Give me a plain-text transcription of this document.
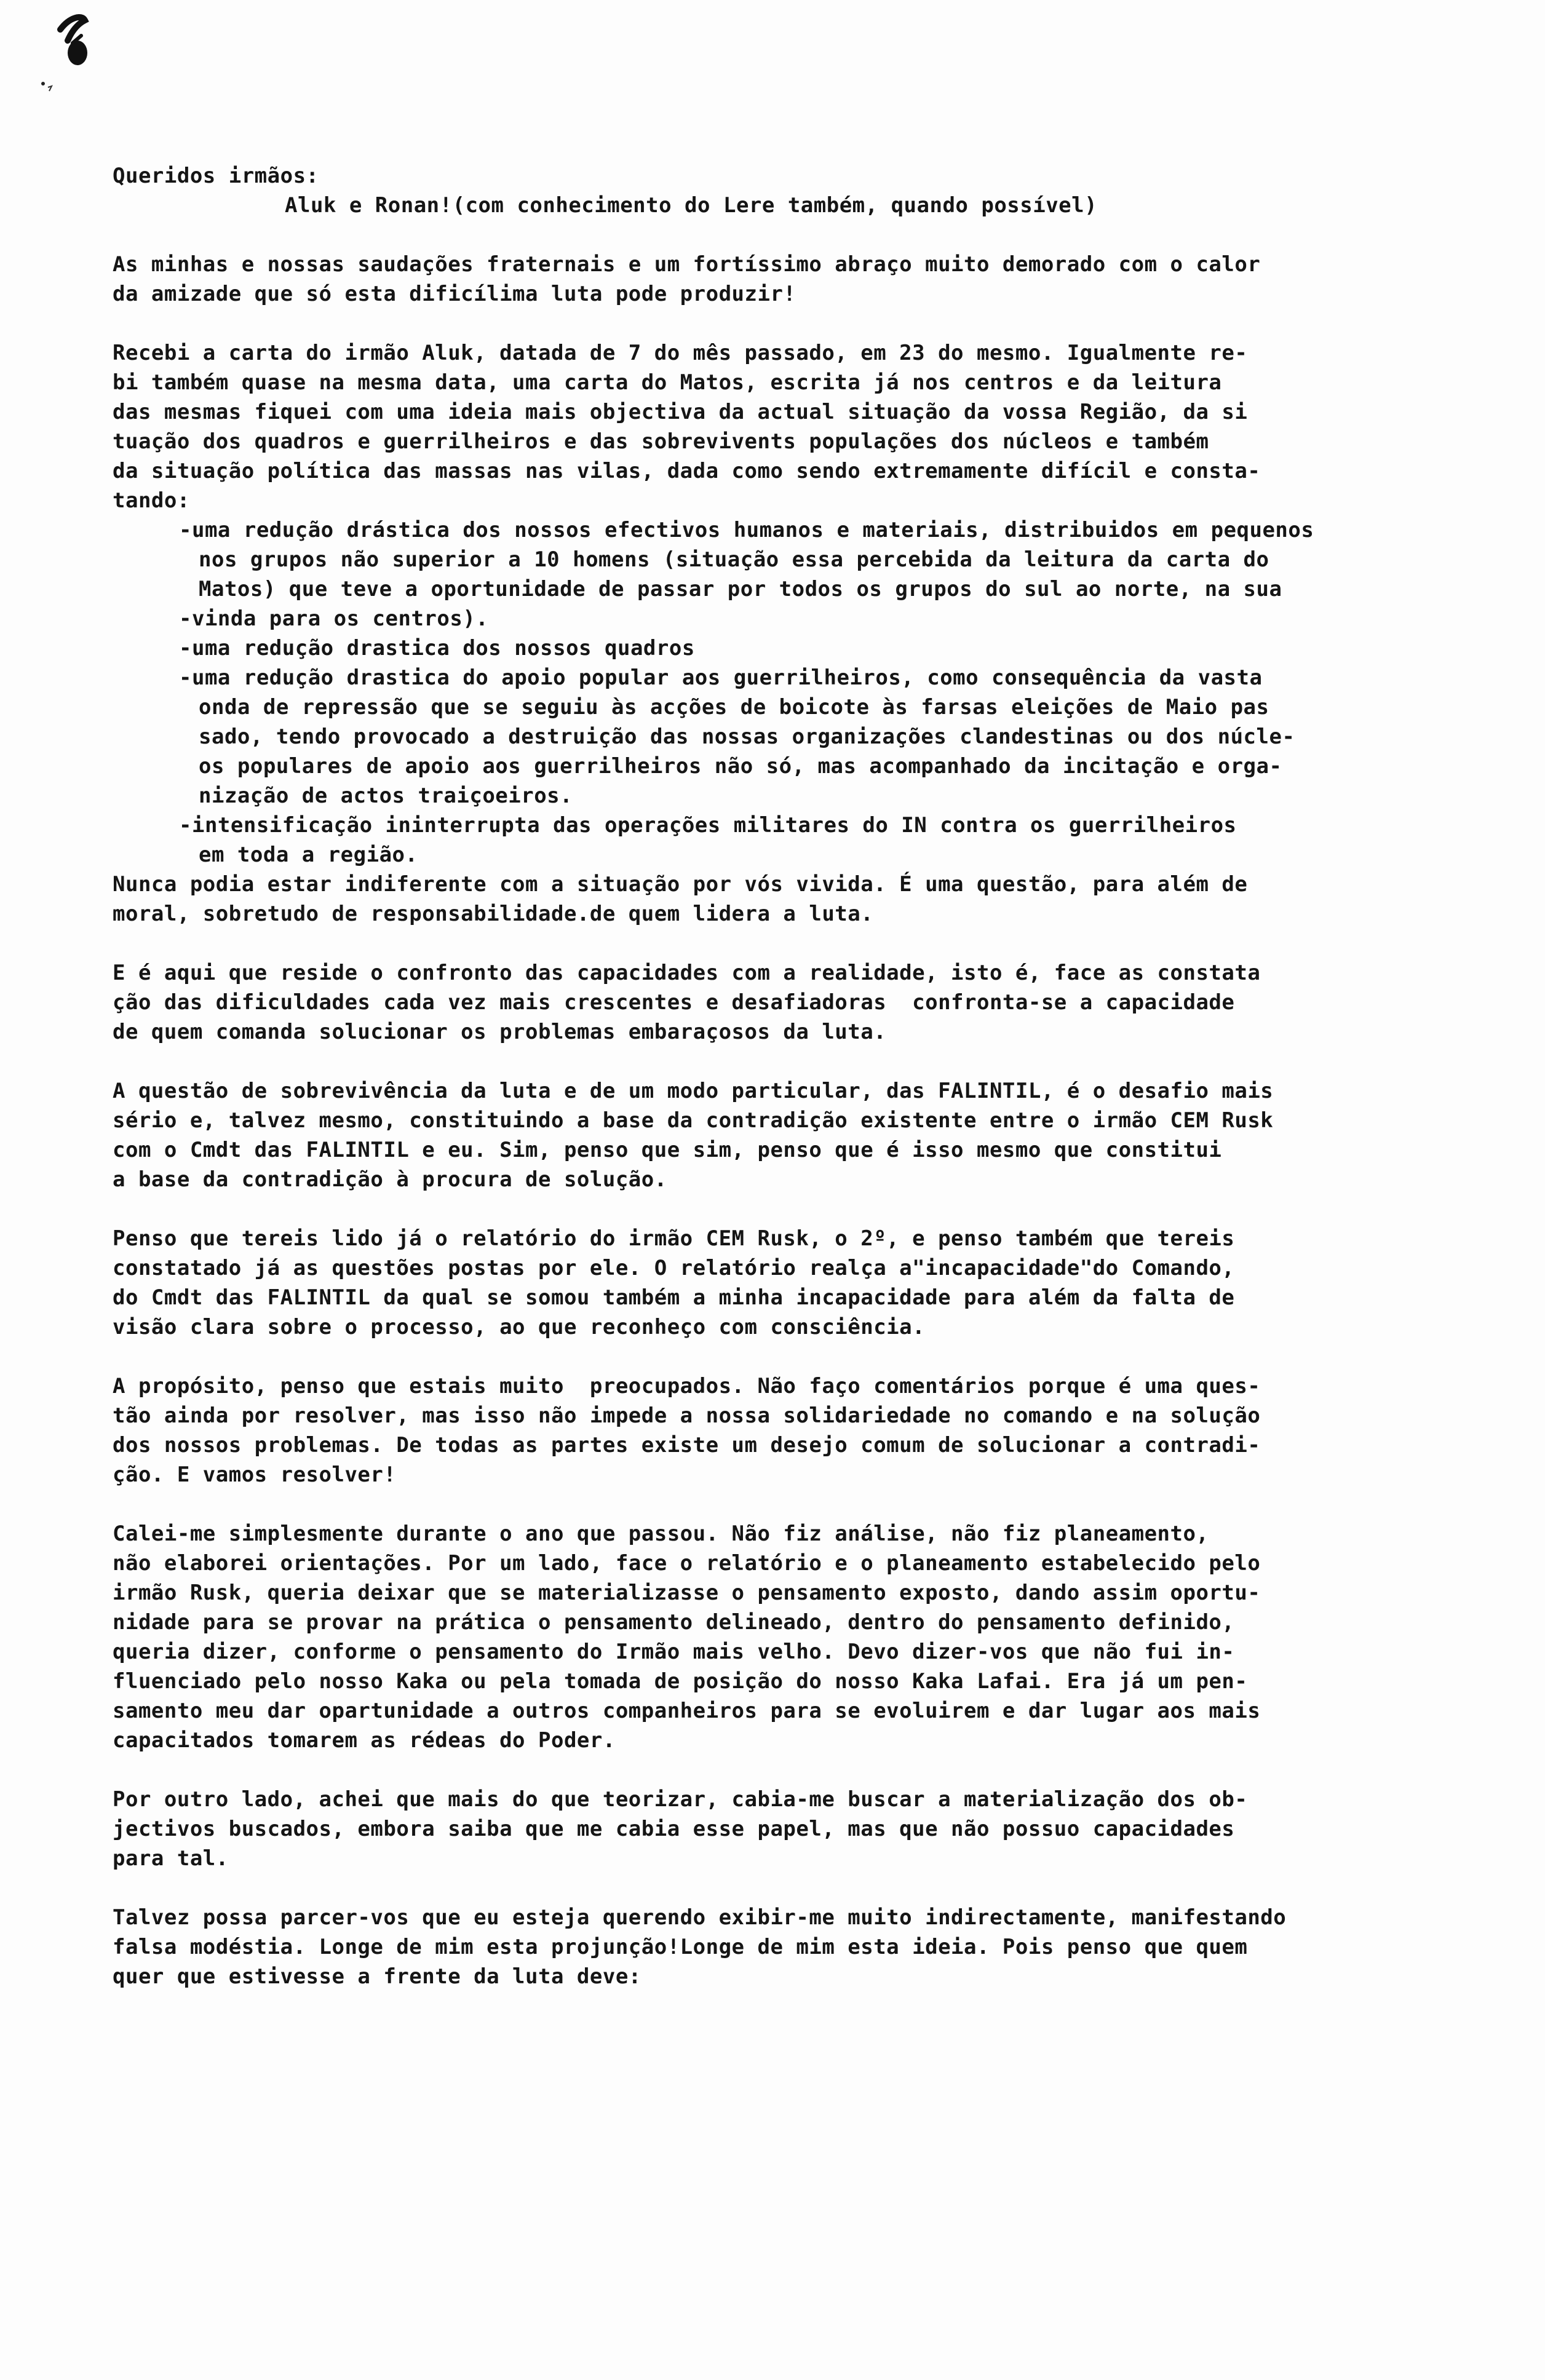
Queridos irmãos:

Aluk e Ronan!(com conhecimento do Lere também, quando possível)

As minhas e nossas saudações fraternais e um fortíssimo abraço muito demorado com o calor

da amizade que só esta dificílima luta pode produzir!

Recebi a carta do irmão Aluk, datada de 7 do mês passado, em 23 do mesmo. Igualmente re-

bi também quase na mesma data, uma carta do Matos, escrita já nos centros e da leitura

das mesmas fiquei com uma ideia mais objectiva da actual situação da vossa Região, da si

tuação dos quadros e guerrilheiros e das sobrevivents populações dos núcleos e também

da situação política das massas nas vilas, dada como sendo extremamente difícil e consta-

tando:

-uma redução drástica dos nossos efectivos humanos e materiais, distribuidos em pequenos

nos grupos não superior a 10 homens (situação essa percebida da leitura da carta do

Matos) que teve a oportunidade de passar por todos os grupos do sul ao norte, na sua

-vinda para os centros).

-uma redução drastica dos nossos quadros

-uma redução drastica do apoio popular aos guerrilheiros, como consequência da vasta

onda de repressão que se seguiu às acções de boicote às farsas eleições de Maio pas

sado, tendo provocado a destruição das nossas organizações clandestinas ou dos núcle-

os populares de apoio aos guerrilheiros não só, mas acompanhado da incitação e orga-

nização de actos traiçoeiros.

-intensificação ininterrupta das operações militares do IN contra os guerrilheiros

em toda a região.

Nunca podia estar indiferente com a situação por vós vivida. É uma questão, para além de

moral, sobretudo de responsabilidade.de quem lidera a luta.

E é aqui que reside o confronto das capacidades com a realidade, isto é, face as constata

ção das dificuldades cada vez mais crescentes e desafiadoras  confronta-se a capacidade

de quem comanda solucionar os problemas embaraçosos da luta.

A questão de sobrevivência da luta e de um modo particular, das FALINTIL, é o desafio mais

sério e, talvez mesmo, constituindo a base da contradição existente entre o irmão CEM Rusk

com o Cmdt das FALINTIL e eu. Sim, penso que sim, penso que é isso mesmo que constitui

a base da contradição à procura de solução.

Penso que tereis lido já o relatório do irmão CEM Rusk, o 2º, e penso também que tereis

constatado já as questões postas por ele. O relatório realça a"incapacidade"do Comando,

do Cmdt das FALINTIL da qual se somou também a minha incapacidade para além da falta de

visão clara sobre o processo, ao que reconheço com consciência.

A propósito, penso que estais muito  preocupados. Não faço comentários porque é uma ques-

tão ainda por resolver, mas isso não impede a nossa solidariedade no comando e na solução

dos nossos problemas. De todas as partes existe um desejo comum de solucionar a contradi-

ção. E vamos resolver!

Calei-me simplesmente durante o ano que passou. Não fiz análise, não fiz planeamento,

não elaborei orientações. Por um lado, face o relatório e o planeamento estabelecido pelo

irmão Rusk, queria deixar que se materializasse o pensamento exposto, dando assim oportu-

nidade para se provar na prática o pensamento delineado, dentro do pensamento definido,

queria dizer, conforme o pensamento do Irmão mais velho. Devo dizer-vos que não fui in-

fluenciado pelo nosso Kaka ou pela tomada de posição do nosso Kaka Lafai. Era já um pen-

samento meu dar opartunidade a outros companheiros para se evoluirem e dar lugar aos mais

capacitados tomarem as rédeas do Poder.

Por outro lado, achei que mais do que teorizar, cabia-me buscar a materialização dos ob-

jectivos buscados, embora saiba que me cabia esse papel, mas que não possuo capacidades

para tal.

Talvez possa parcer-vos que eu esteja querendo exibir-me muito indirectamente, manifestando

falsa modéstia. Longe de mim esta projunção!Longe de mim esta ideia. Pois penso que quem

quer que estivesse a frente da luta deve:
